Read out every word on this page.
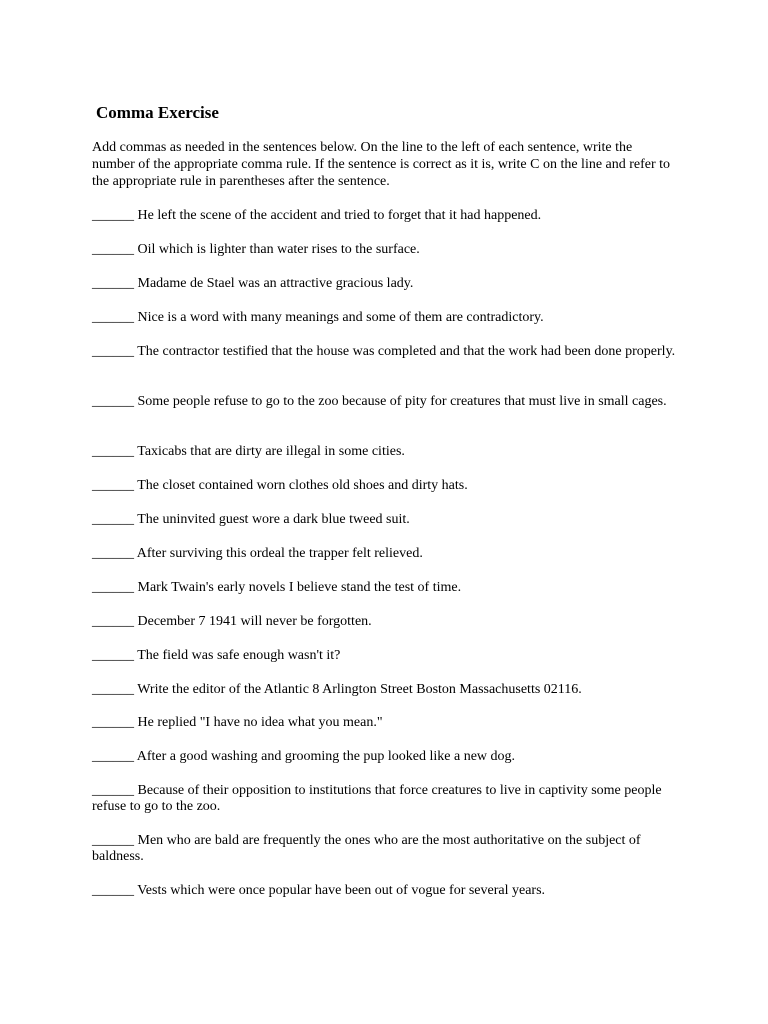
Comma Exercise
Add commas as needed in the sentences below. On the line to the left of each sentence, write the number of the appropriate comma rule. If the sentence is correct as it is, write C on the line and refer to the appropriate rule in parentheses after the sentence.
______ He left the scene of the accident and tried to forget that it had happened.
______ Oil which is lighter than water rises to the surface.
______ Madame de Stael was an attractive gracious lady.
______ Nice is a word with many meanings and some of them are contradictory.
______ The contractor testified that the house was completed and that the work had been done properly.
______ Some people refuse to go to the zoo because of pity for creatures that must live in small cages.
______ Taxicabs that are dirty are illegal in some cities.
______ The closet contained worn clothes old shoes and dirty hats.
______ The uninvited guest wore a dark blue tweed suit.
______ After surviving this ordeal the trapper felt relieved.
______ Mark Twain's early novels I believe stand the test of time.
______ December 7 1941 will never be forgotten.
______ The field was safe enough wasn't it?
______ Write the editor of the Atlantic 8 Arlington Street Boston Massachusetts 02116.
______ He replied "I have no idea what you mean."
______ After a good washing and grooming the pup looked like a new dog.
______ Because of their opposition to institutions that force creatures to live in captivity some people refuse to go to the zoo.
______ Men who are bald are frequently the ones who are the most authoritative on the subject of baldness.
______ Vests which were once popular have been out of vogue for several years.
